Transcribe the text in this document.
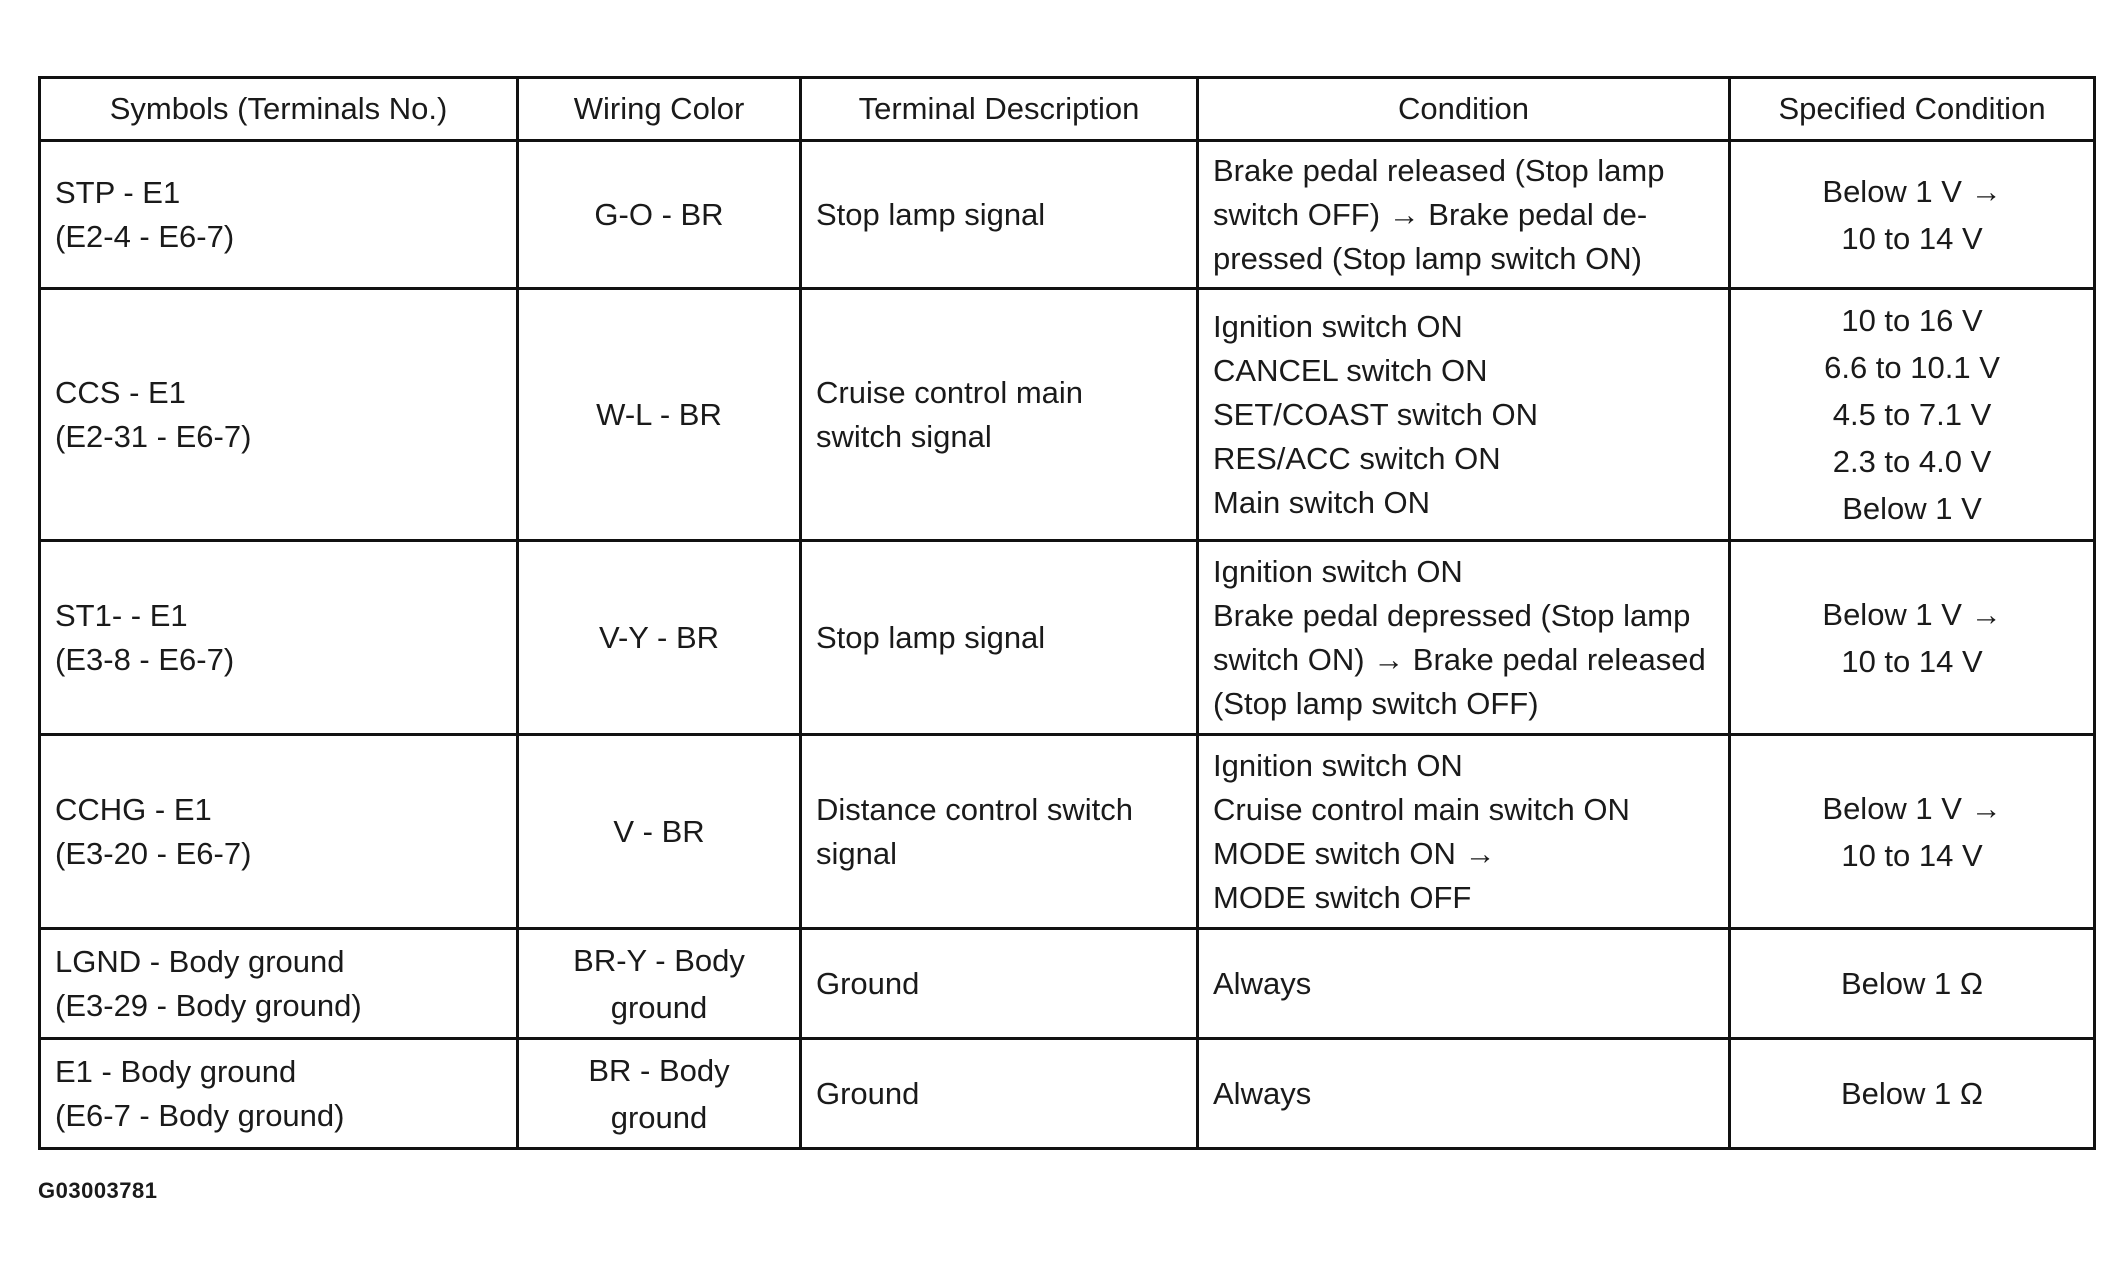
Symbols (Terminals No.)	Wiring Color	Terminal Description	Condition	Specified Condition

STP - E1
(E2-4 - E6-7)	G-O - BR	Stop lamp signal	Brake pedal released (Stop lamp
switch OFF) → Brake pedal de-
pressed (Stop lamp switch ON)	Below 1 V →
10 to 14 V

CCS - E1
(E2-31 - E6-7)	W-L - BR	Cruise control main
switch signal	Ignition switch ON
CANCEL switch ON
SET/COAST switch ON
RES/ACC switch ON
Main switch ON	10 to 16 V
6.6 to 10.1 V
4.5 to 7.1 V
2.3 to 4.0 V
Below 1 V

ST1- - E1
(E3-8 - E6-7)	V-Y - BR	Stop lamp signal	Ignition switch ON
Brake pedal depressed (Stop lamp
switch ON) → Brake pedal released
(Stop lamp switch OFF)	Below 1 V →
10 to 14 V

CCHG - E1
(E3-20 - E6-7)	V - BR	Distance control switch
signal	Ignition switch ON
Cruise control main switch ON
MODE switch ON →
MODE switch OFF	Below 1 V →
10 to 14 V

LGND - Body ground
(E3-29 - Body ground)	BR-Y - Body
ground	Ground	Always	Below 1 Ω

E1 - Body ground
(E6-7 - Body ground)	BR - Body
ground	Ground	Always	Below 1 Ω
G03003781
